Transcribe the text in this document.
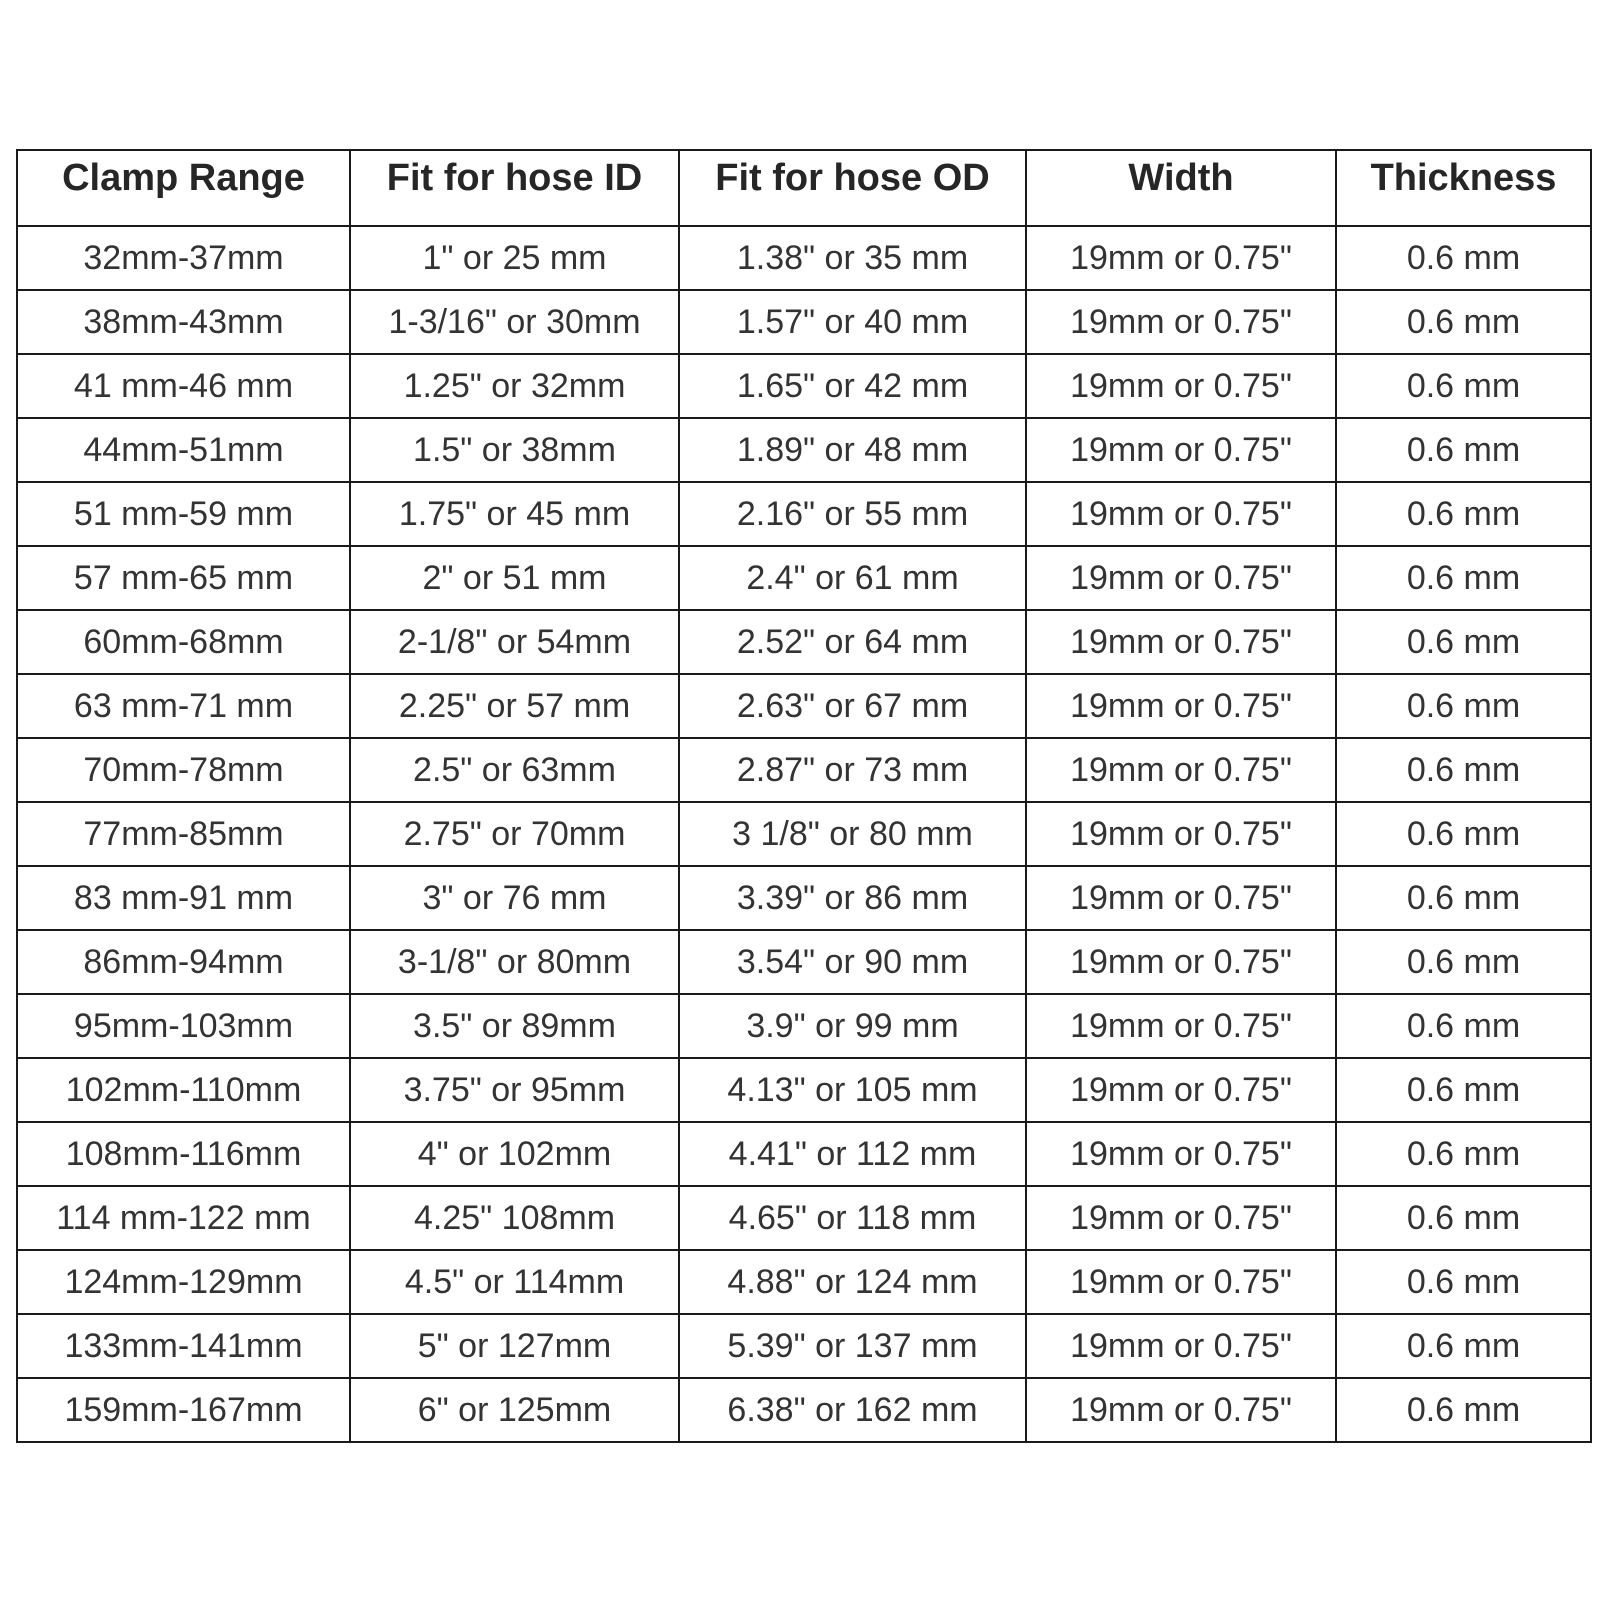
Clamp Range	Fit for hose ID	Fit for hose OD	Width	Thickness
32mm-37mm	1" or 25 mm	1.38" or 35 mm	19mm or 0.75"	0.6 mm
38mm-43mm	1-3/16" or 30mm	1.57" or 40 mm	19mm or 0.75"	0.6 mm
41 mm-46 mm	1.25" or 32mm	1.65" or 42 mm	19mm or 0.75"	0.6 mm
44mm-51mm	1.5" or 38mm	1.89" or 48 mm	19mm or 0.75"	0.6 mm
51 mm-59 mm	1.75" or 45 mm	2.16" or 55 mm	19mm or 0.75"	0.6 mm
57 mm-65 mm	2" or 51 mm	2.4" or 61 mm	19mm or 0.75"	0.6 mm
60mm-68mm	2-1/8" or 54mm	2.52" or 64 mm	19mm or 0.75"	0.6 mm
63 mm-71 mm	2.25" or 57 mm	2.63" or 67 mm	19mm or 0.75"	0.6 mm
70mm-78mm	2.5" or 63mm	2.87" or 73 mm	19mm or 0.75"	0.6 mm
77mm-85mm	2.75" or 70mm	3 1/8" or 80 mm	19mm or 0.75"	0.6 mm
83 mm-91 mm	3" or 76 mm	3.39" or 86 mm	19mm or 0.75"	0.6 mm
86mm-94mm	3-1/8" or 80mm	3.54" or 90 mm	19mm or 0.75"	0.6 mm
95mm-103mm	3.5" or 89mm	3.9" or 99 mm	19mm or 0.75"	0.6 mm
102mm-110mm	3.75" or 95mm	4.13" or 105 mm	19mm or 0.75"	0.6 mm
108mm-116mm	4" or 102mm	4.41" or 112 mm	19mm or 0.75"	0.6 mm
114 mm-122 mm	4.25" 108mm	4.65" or 118 mm	19mm or 0.75"	0.6 mm
124mm-129mm	4.5" or 114mm	4.88" or 124 mm	19mm or 0.75"	0.6 mm
133mm-141mm	5" or 127mm	5.39" or 137 mm	19mm or 0.75"	0.6 mm
159mm-167mm	6" or 125mm	6.38" or 162 mm	19mm or 0.75"	0.6 mm
